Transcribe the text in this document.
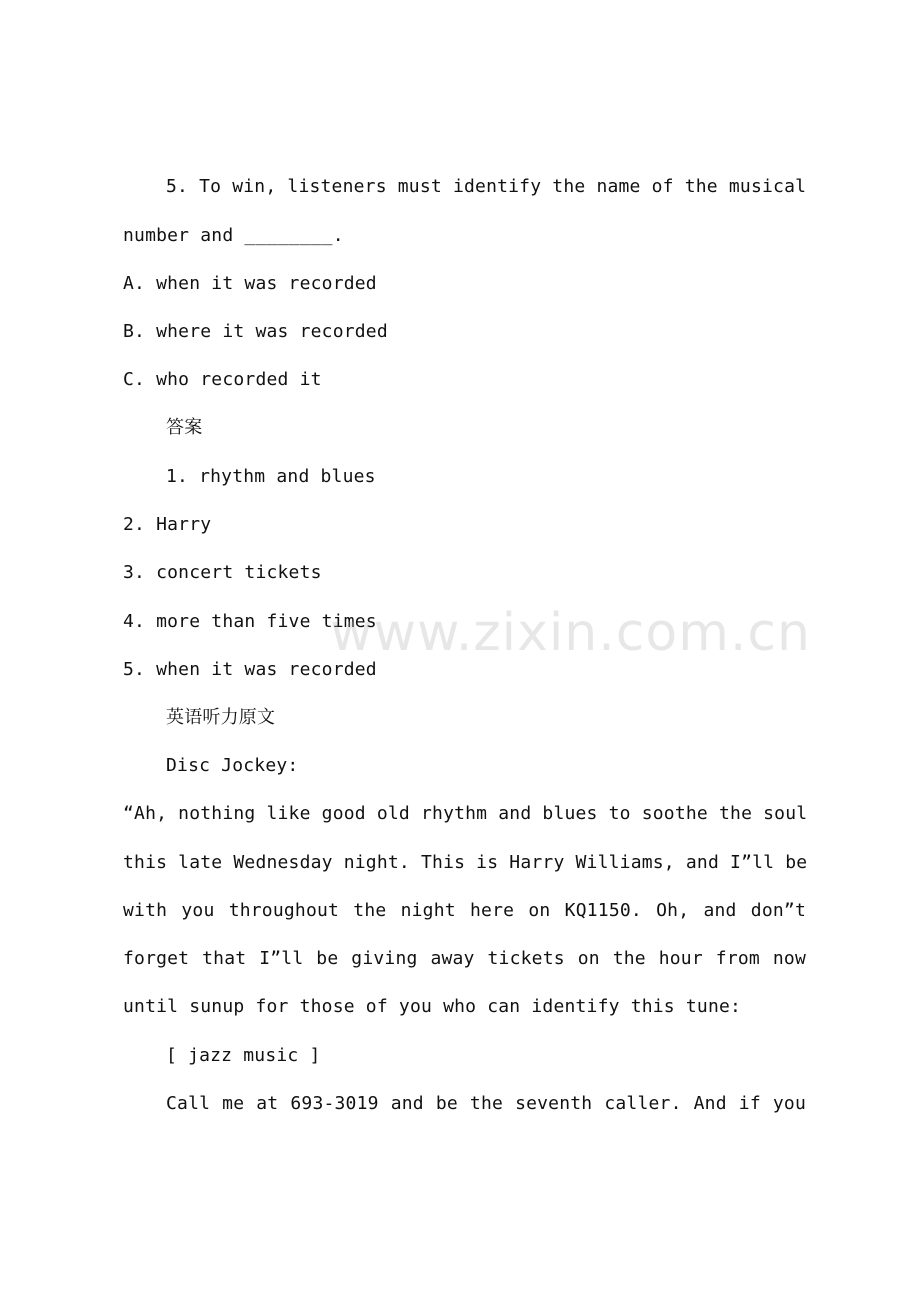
5. To win, listeners must identify the name of the musical
number and ________.
A. when it was recorded
B. where it was recorded
C. who recorded it
答案
1. rhythm and blues
2. Harry
3. concert tickets
4. more than five times
5. when it was recorded
英语听力原文
Disc Jockey:
“Ah, nothing like good old rhythm and blues to soothe the soul
this late Wednesday night. This is Harry Williams, and I”ll be
with you throughout the night here on KQ1150. Oh, and don”t
forget that I”ll be giving away tickets on the hour from now
until sunup for those of you who can identify this tune:
[ jazz music ]
Call me at 693-3019 and be the seventh caller. And if you
www.zixin.com.cn
